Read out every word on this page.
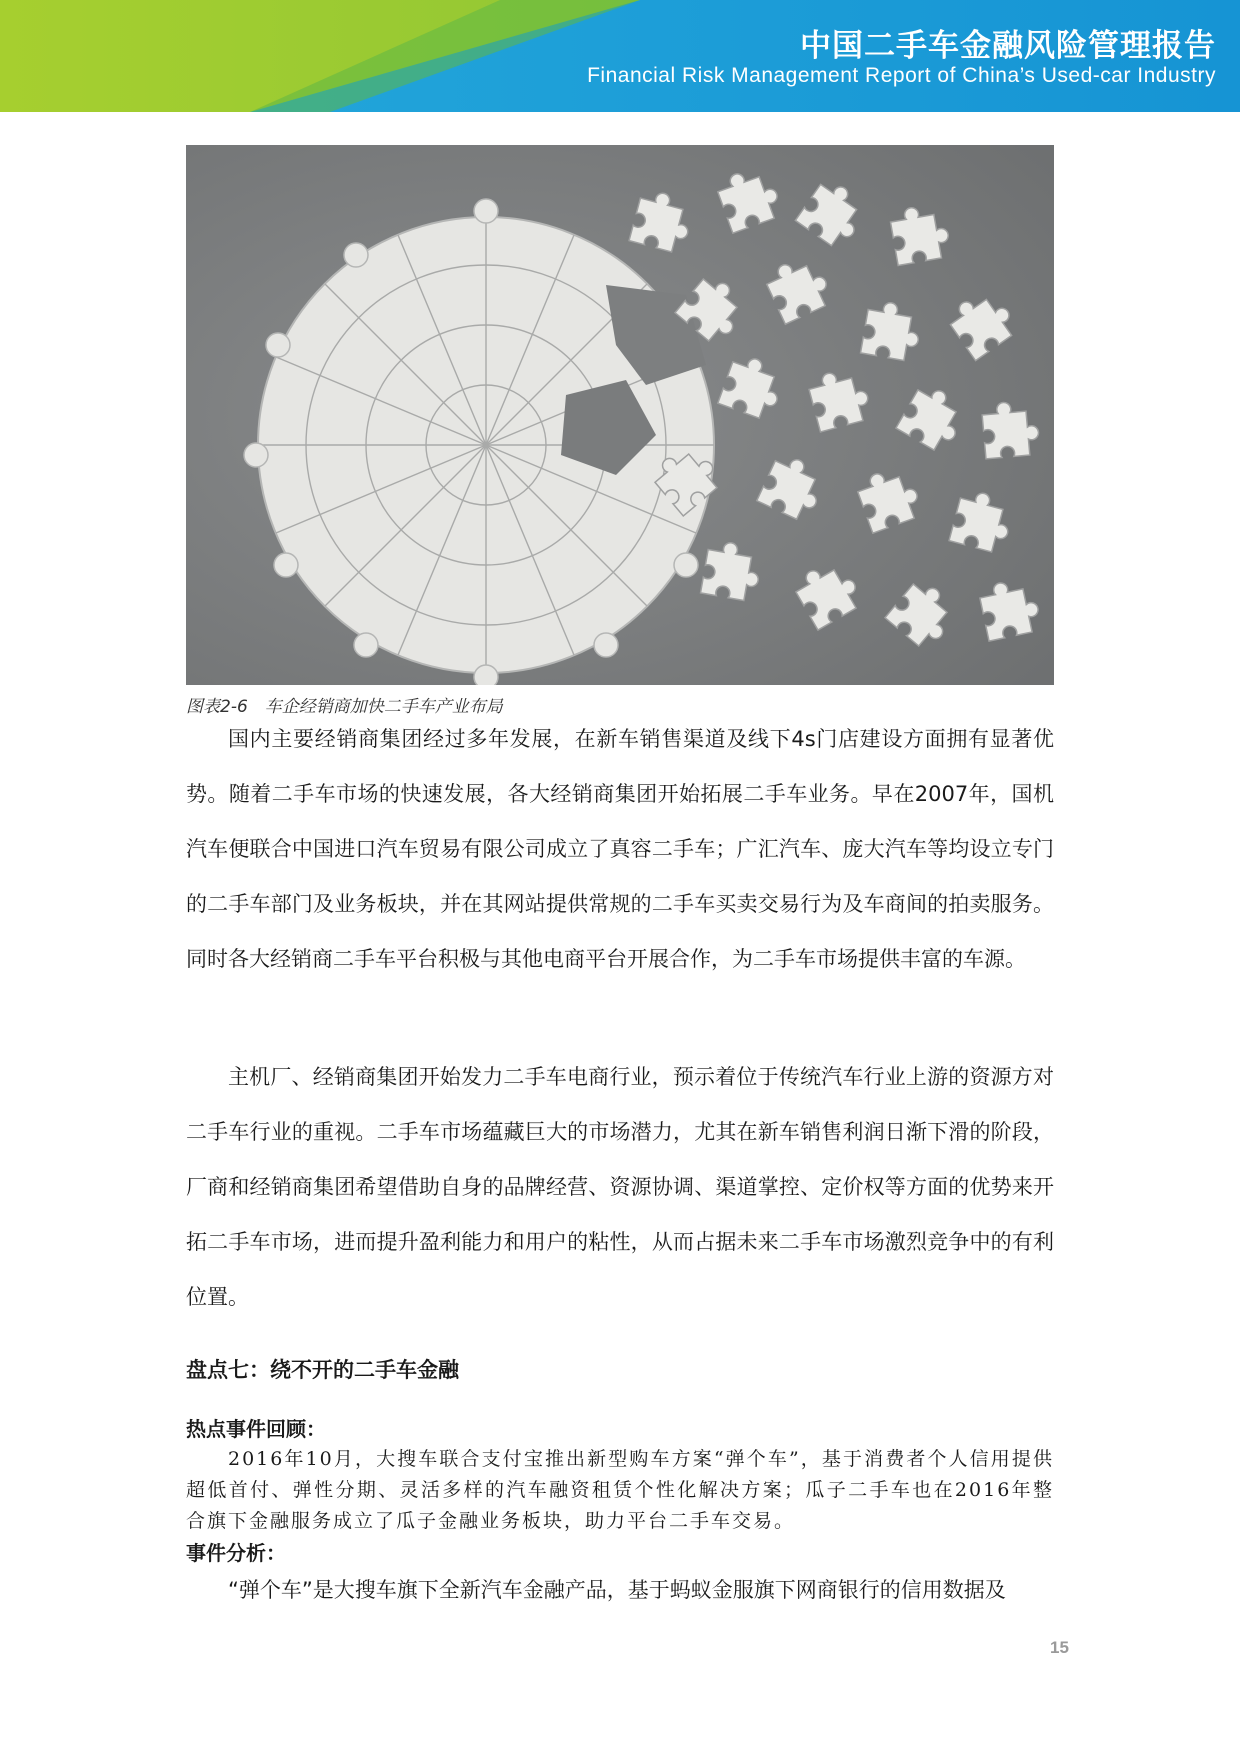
中国二手车金融风险管理报告
Financial Risk Management Report of China’s Used-car Industry
图表2-6　车企经销商加快二手车产业布局

国内主要经销商集团经过多年发展，在新车销售渠道及线下4s门店建设方面拥有显著优势。随着二手车市场的快速发展，各大经销商集团开始拓展二手车业务。早在2007年，国机汽车便联合中国进口汽车贸易有限公司成立了真容二手车；广汇汽车、庞大汽车等均设立专门的二手车部门及业务板块，并在其网站提供常规的二手车买卖交易行为及车商间的拍卖服务。同时各大经销商二手车平台积极与其他电商平台开展合作，为二手车市场提供丰富的车源。

主机厂、经销商集团开始发力二手车电商行业，预示着位于传统汽车行业上游的资源方对二手车行业的重视。二手车市场蕴藏巨大的市场潜力，尤其在新车销售利润日渐下滑的阶段，厂商和经销商集团希望借助自身的品牌经营、资源协调、渠道掌控、定价权等方面的优势来开拓二手车市场，进而提升盈利能力和用户的粘性，从而占据未来二手车市场激烈竞争中的有利位置。

盘点七：绕不开的二手车金融
热点事件回顾：

2016年10月，大搜车联合支付宝推出新型购车方案“弹个车”，基于消费者个人信用提供超低首付、弹性分期、灵活多样的汽车融资租赁个性化解决方案；瓜子二手车也在2016年整合旗下金融服务成立了瓜子金融业务板块，助力平台二手车交易。

事件分析：

“弹个车”是大搜车旗下全新汽车金融产品，基于蚂蚁金服旗下网商银行的信用数据及

15
